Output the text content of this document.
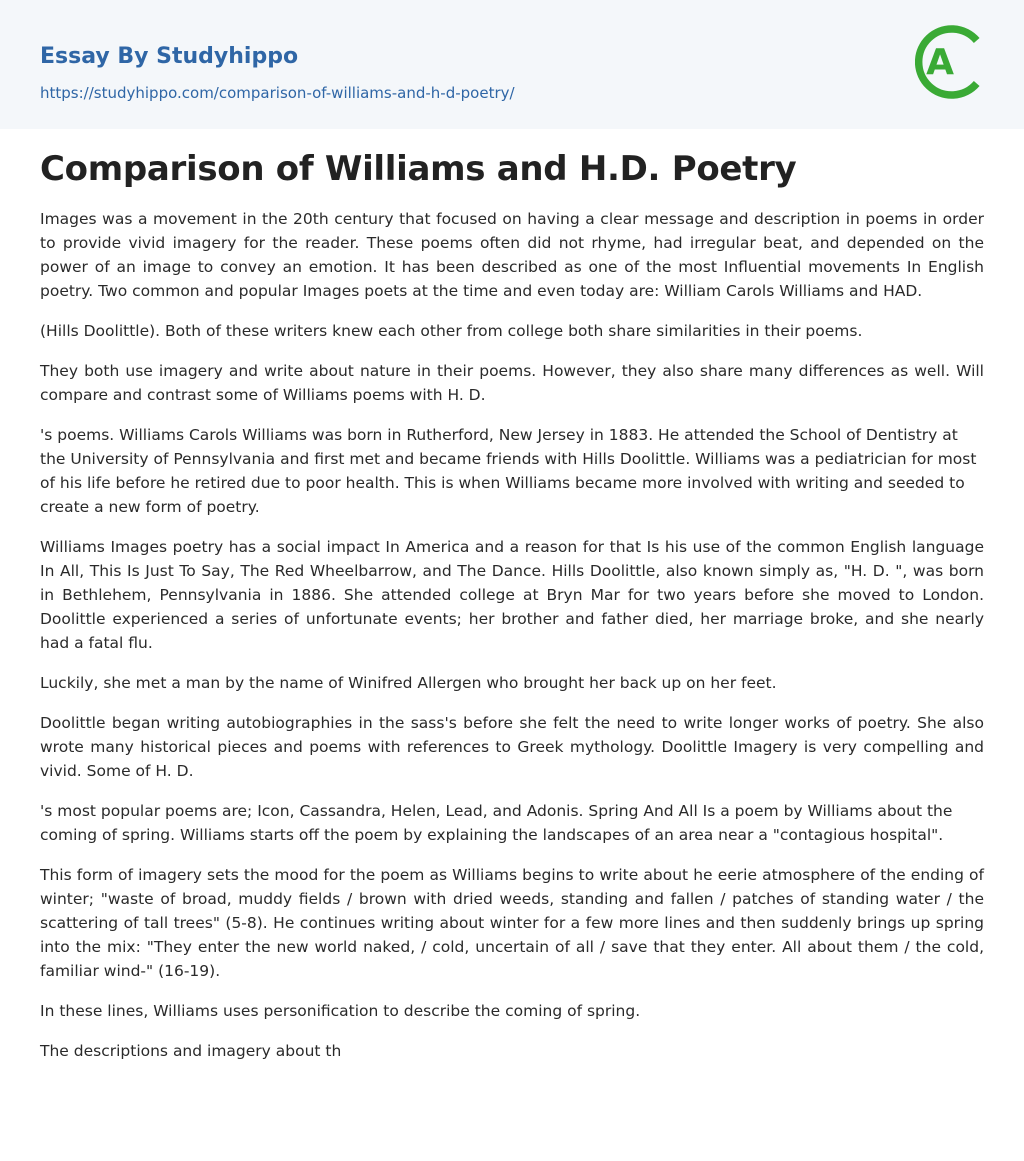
Essay By Studyhippo
https://studyhippo.com/comparison-of-williams-and-h-d-poetry/
A
Comparison of Williams and H.D. Poetry

Images was a movement in the 20th century that focused on having a clear message and description in poems in order to provide vivid imagery for the reader. These poems often did not rhyme, had irregular beat, and depended on the power of an image to convey an emotion. It has been described as one of the most Influential movements In English poetry. Two common and popular Images poets at the time and even today are: William Carols Williams and HAD.

(Hills Doolittle). Both of these writers knew each other from college both share similarities in their poems.

They both use imagery and write about nature in their poems. However, they also share many differences as well. Will compare and contrast some of Williams poems with H. D.

's poems. Williams Carols Williams was born in Rutherford, New Jersey in 1883. He attended the School of Dentistry at the University of Pennsylvania and first met and became friends with Hills Doolittle. Williams was a pediatrician for most of his life before he retired due to poor health. This is when Williams became more involved with writing and seeded to create a new form of poetry.

Williams Images poetry has a social impact In America and a reason for that Is his use of the common English language In All, This Is Just To Say, The Red Wheelbarrow, and The Dance. Hills Doolittle, also known simply as, "H. D. ", was born in Bethlehem, Pennsylvania in 1886. She attended college at Bryn Mar for two years before she moved to London. Doolittle experienced a series of unfortunate events; her brother and father died, her marriage broke, and she nearly had a fatal flu.

Luckily, she met a man by the name of Winifred Allergen who brought her back up on her feet.

Doolittle began writing autobiographies in the sass's before she felt the need to write longer works of poetry. She also wrote many historical pieces and poems with references to Greek mythology. Doolittle Imagery is very compelling and vivid. Some of H. D.

's most popular poems are; Icon, Cassandra, Helen, Lead, and Adonis. Spring And All Is a poem by Williams about the coming of spring. Williams starts off the poem by explaining the landscapes of an area near a "contagious hospital".

This form of imagery sets the mood for the poem as Williams begins to write about he eerie atmosphere of the ending of winter; "waste of broad, muddy fields / brown with dried weeds, standing and fallen / patches of standing water / the scattering of tall trees" (5-8). He continues writing about winter for a few more lines and then suddenly brings up spring into the mix: "They enter the new world naked, / cold, uncertain of all / save that they enter. All about them / the cold, familiar wind-" (16-19).

In these lines, Williams uses personification to describe the coming of spring.

The descriptions and imagery about th
